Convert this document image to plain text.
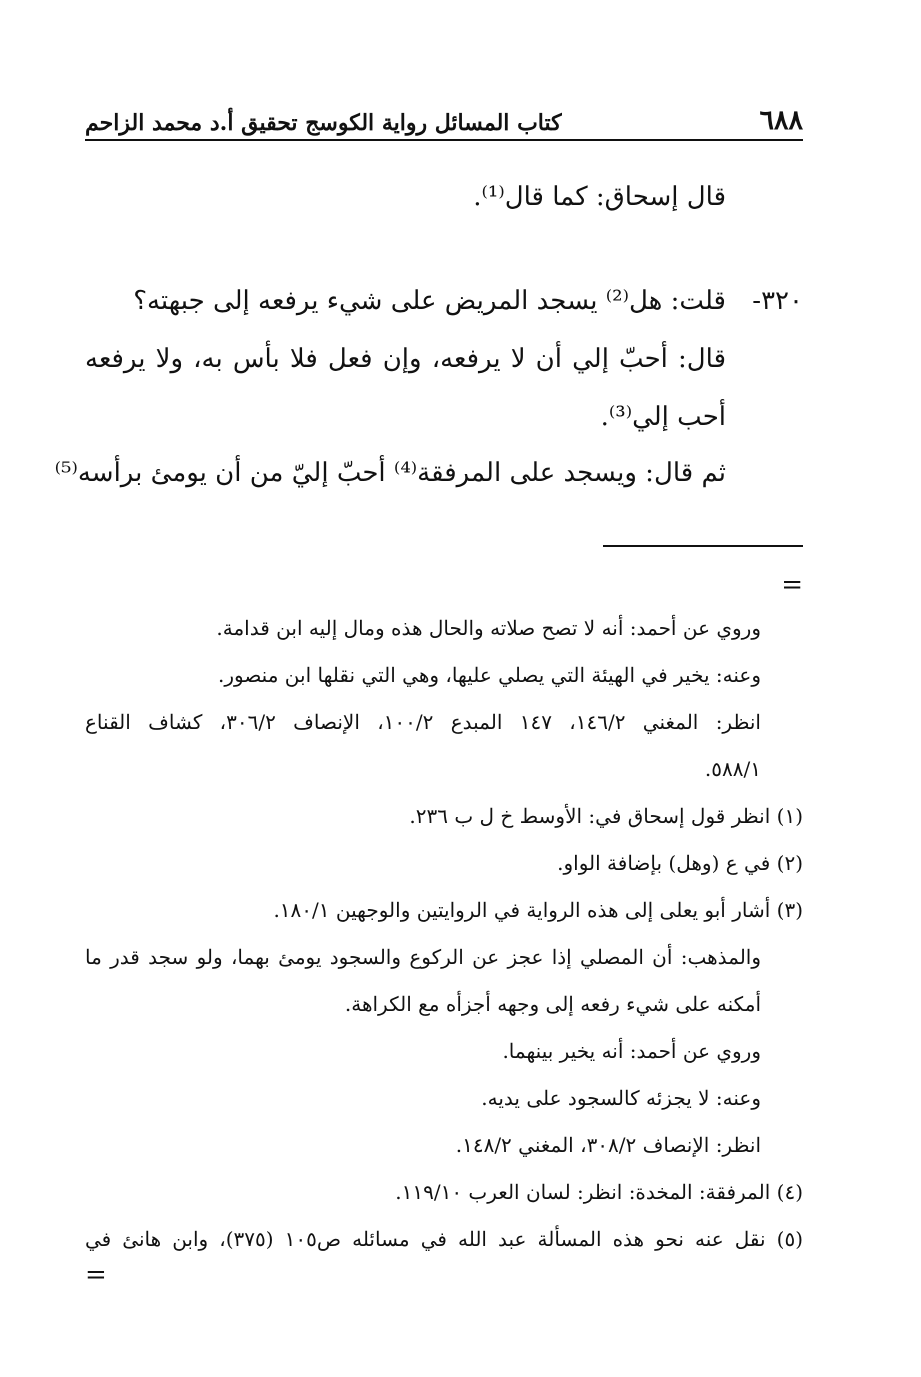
٦٨٨
كتاب المسائل رواية الكوسج تحقيق أ.د محمد الزاحم
قال إسحاق: كما قال⁽¹⁾.
٣٢٠-
قلت: هل⁽²⁾ يسجد المريض على شيء يرفعه إلى جبهته؟
قال: أحبّ إلي أن لا يرفعه، وإن فعل فلا بأس به، ولا يرفعه
أحب إلي⁽³⁾.
ثم قال: ويسجد على المرفقة⁽⁴⁾ أحبّ إليّ من أن يومئ برأسه⁽⁵⁾
=
وروي عن أحمد: أنه لا تصح صلاته والحال هذه ومال إليه ابن قدامة.
وعنه: يخير في الهيئة التي يصلي عليها، وهي التي نقلها ابن منصور.
انظر: المغني ١٤٦/٢، ١٤٧ المبدع ١٠٠/٢، الإنصاف ٣٠٦/٢، كشاف القناع
٥٨٨/١.
(١) انظر قول إسحاق في: الأوسط خ ل ب ٢٣٦.
(٢) في ع (وهل) بإضافة الواو.
(٣) أشار أبو يعلى إلى هذه الرواية في الروايتين والوجهين ١٨٠/١.
والمذهب: أن المصلي إذا عجز عن الركوع والسجود يومئ بهما، ولو سجد قدر ما
أمكنه على شيء رفعه إلى وجهه أجزأه مع الكراهة.
وروي عن أحمد: أنه يخير بينهما.
وعنه: لا يجزئه كالسجود على يديه.
انظر: الإنصاف ٣٠٨/٢، المغني ١٤٨/٢.
(٤) المرفقة: المخدة: انظر: لسان العرب ١١٩/١٠.
(٥) نقل عنه نحو هذه المسألة عبد الله في مسائله ص١٠٥ (٣٧٥)، وابن هانئ في
=
